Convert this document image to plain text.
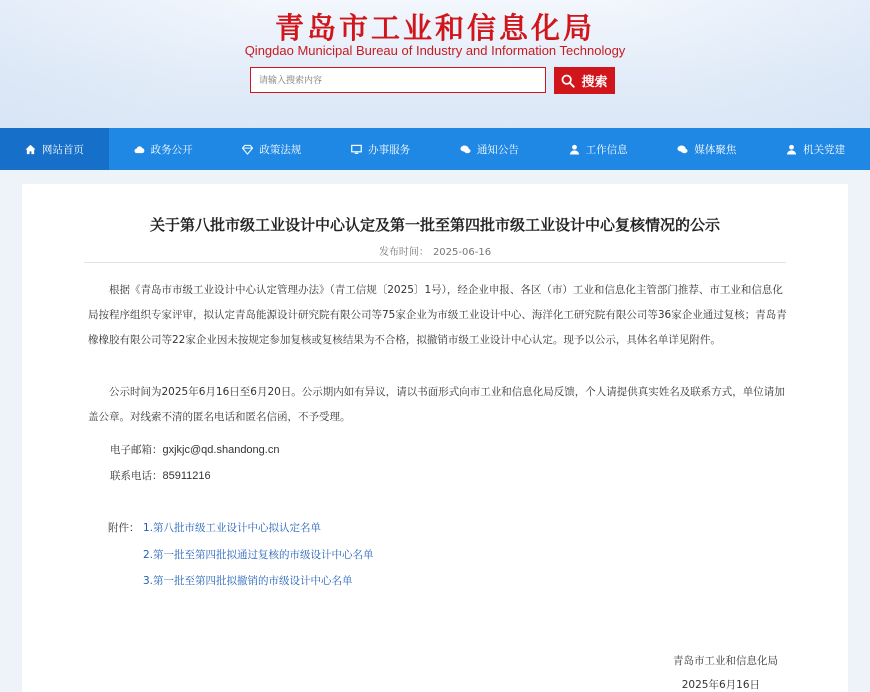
青岛市工业和信息化局
Qingdao Municipal Bureau of Industry and Information Technology
请输入搜索内容
搜索
网站首页	政务公开	政策法规	办事服务	通知公告	工作信息	媒体聚焦	机关党建
关于第八批市级工业设计中心认定及第一批至第四批市级工业设计中心复核情况的公示
发布时间： 2025-06-16

根据《青岛市市级工业设计中心认定管理办法》（青工信规〔2025〕1号），经企业申报、各区（市）工业和信息化主管部门推荐、市工业和信息化局按程序组织专家评审，拟认定青岛能源设计研究院有限公司等75家企业为市级工业设计中心、海洋化工研究院有限公司等36家企业通过复核；青岛青橡橡胶有限公司等22家企业因未按规定参加复核或复核结果为不合格，拟撤销市级工业设计中心认定。现予以公示，具体名单详见附件。

公示时间为2025年6月16日至6月20日。公示期内如有异议，请以书面形式向市工业和信息化局反馈，个人请提供真实姓名及联系方式，单位请加盖公章。对线索不清的匿名电话和匿名信函，不予受理。

电子邮箱：gxjkjc@qd.shandong.cn
联系电话：85911216
附件： 1.第八批市级工业设计中心拟认定名单
2.第一批至第四批拟通过复核的市级设计中心名单
3.第一批至第四批拟撤销的市级设计中心名单
青岛市工业和信息化局
2025年6月16日
